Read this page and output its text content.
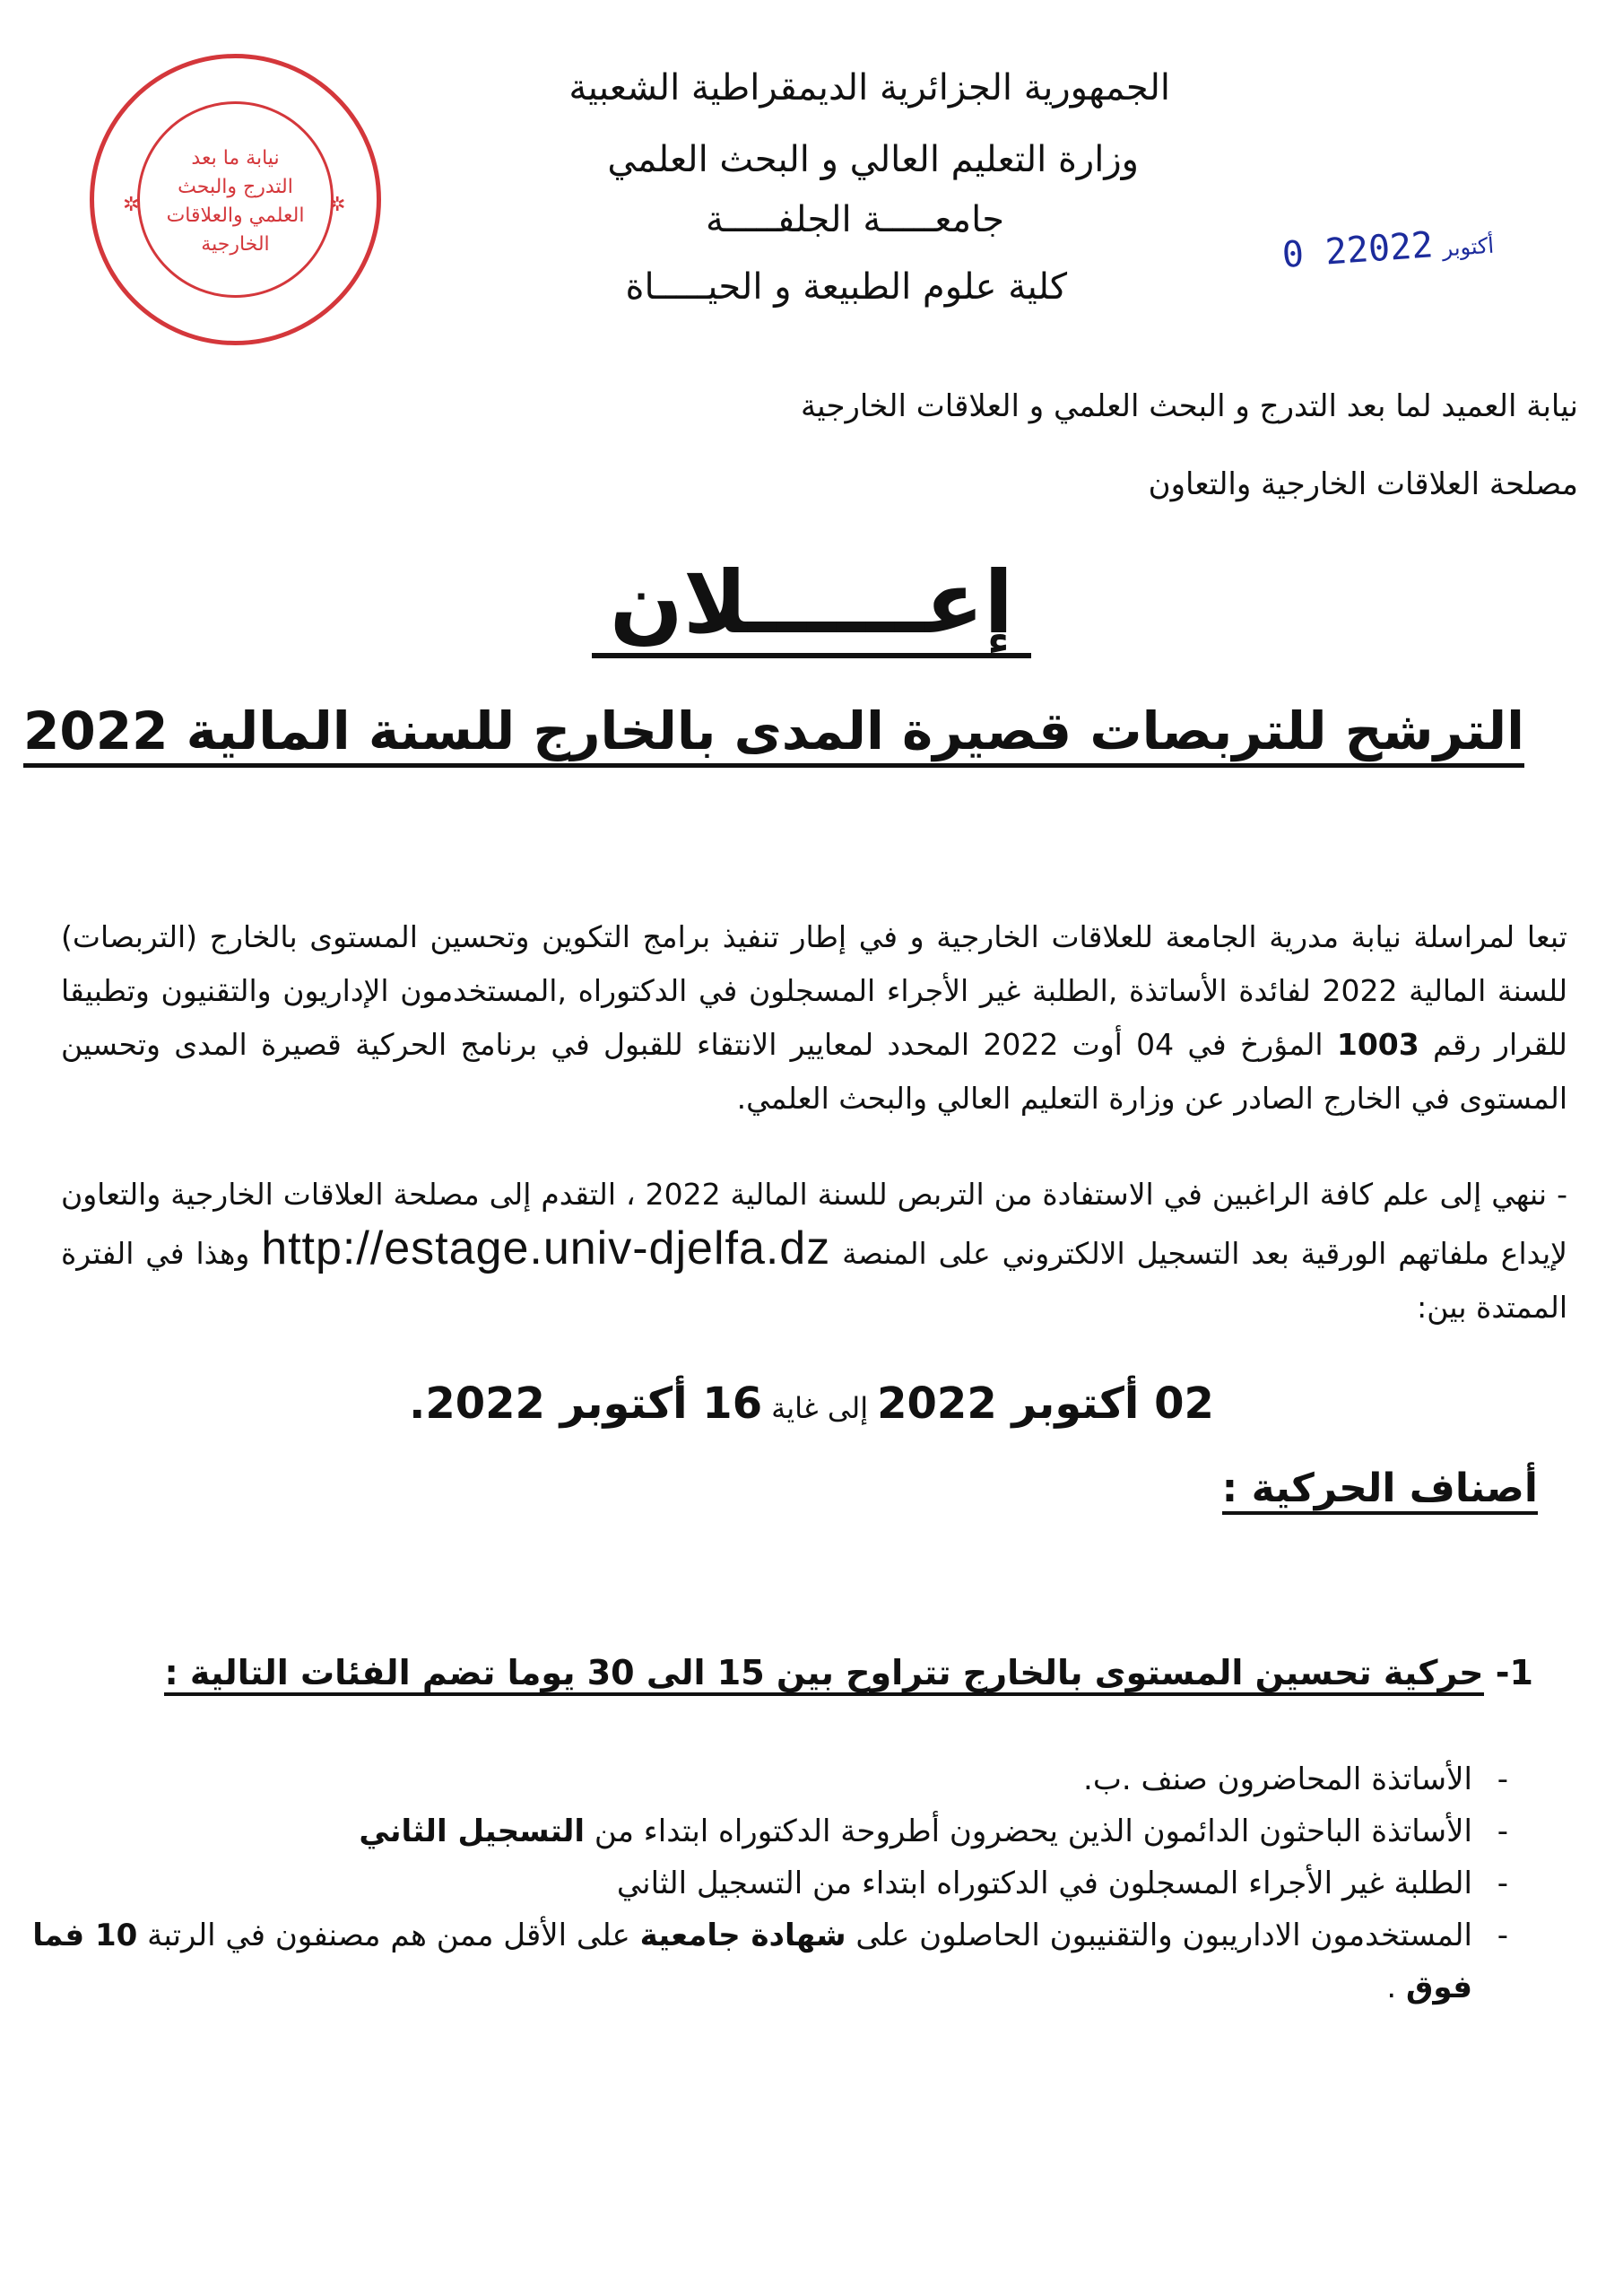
الجمهورية الجزائرية الديمقراطية الشعبية
وزارة التعليم العالي و البحث العلمي
جامعـــــة الجلفـــــة
كلية علوم الطبيعة و الحيـــــاة
نيابة ما بعد
التدرج والبحث
العلمي والعلاقات
الخارجية
✲	✲
0 2	أكتوبر2022
نيابة العميد لما بعد التدرج و البحث العلمي و العلاقات الخارجية
مصلحة العلاقات الخارجية والتعاون
إعــــــلان
الترشح للتربصات قصيرة المدى بالخارج للسنة المالية 2022
تبعا لمراسلة نيابة مدرية الجامعة للعلاقات الخارجية و في إطار تنفيذ برامج التكوين وتحسين المستوى بالخارج (التربصات) للسنة المالية 2022 لفائدة الأساتذة ,الطلبة غير الأجراء المسجلون في الدكتوراه ,المستخدمون الإداريون والتقنيون وتطبيقا للقرار رقم 1003 المؤرخ في 04 أوت 2022 المحدد لمعايير الانتقاء للقبول في برنامج الحركية قصيرة المدى وتحسين المستوى في الخارج الصادر عن وزارة التعليم العالي والبحث العلمي.
- ننهي إلى علم كافة الراغبين في الاستفادة من التربص للسنة المالية 2022 ، التقدم إلى مصلحة العلاقات الخارجية والتعاون لإيداع ملفاتهم الورقية بعد التسجيل الالكتروني على المنصة http://estage.univ-djelfa.dz وهذا في الفترة الممتدة بين:
02 أكتوبر 2022إلى غاية16 أكتوبر 2022.
أصناف الحركية :
1- حركية تحسين المستوى بالخارج تتراوح بين 15 الى 30 يوما تضم الفئات التالية :
- الأساتذة المحاضرون صنف .ب.
- الأساتذة الباحثون الدائمون الذين يحضرون أطروحة الدكتوراه ابتداء من التسجيل الثاني
- الطلبة غير الأجراء المسجلون في الدكتوراه ابتداء من التسجيل الثاني
- المستخدمون الاداريبون والتقنيبون الحاصلون على شهادة جامعية على الأقل ممن هم مصنفون في الرتبة 10 فما فوق .
